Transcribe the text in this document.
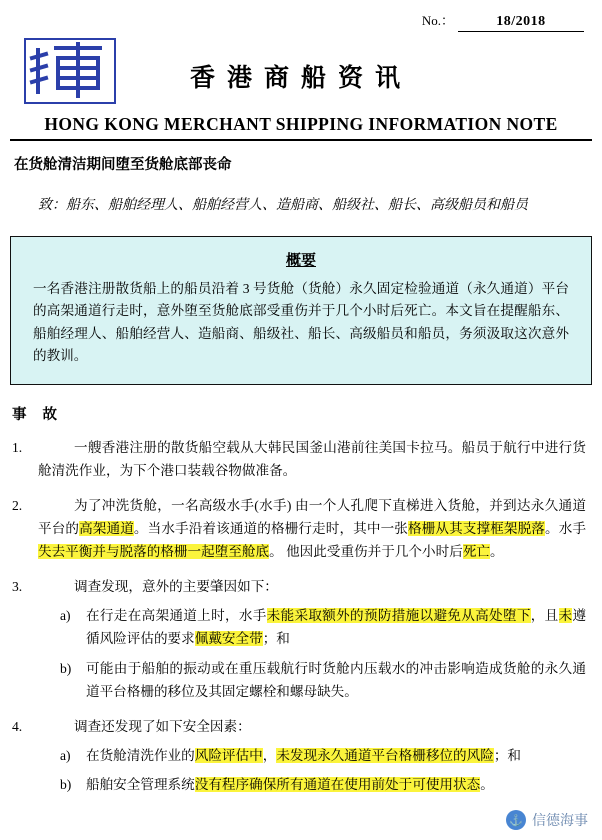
No.：	18/2018
香港商船资讯
HONG KONG MERCHANT SHIPPING INFORMATION NOTE
在货舱清洁期间堕至货舱底部丧命
致：船东、船舶经理人、船舶经营人、造船商、船级社、船长、高级船员和船员
概要
一名香港注册散货船上的船员沿着 3 号货舱（货舱）永久固定检验通道（永久通道）平台的高架通道行走时，意外堕至货舱底部受重伤并于几个小时后死亡。本文旨在提醒船东、船舶经理人、船舶经营人、造船商、船级社、船长、高级船员和船员，务须汲取这次意外的教训。
事 故
1.	一艘香港注册的散货船空载从大韩民国釜山港前往美国卡拉马。船员于航行中进行货舱清洗作业，为下个港口装载谷物做准备。
2.	为了冲洗货舱，一名高级水手(水手) 由一个人孔爬下直梯进入货舱，并到达永久通道平台的高架通道。当水手沿着该通道的格栅行走时，其中一张格栅从其支撑框架脱落。水手失去平衡并与脱落的格栅一起堕至舱底。 他因此受重伤并于几个小时后死亡。
3.	调查发现，意外的主要肇因如下：
a)	在行走在高架通道上时，水手未能采取额外的预防措施以避免从高处堕下，且未遵循风险评估的要求佩戴安全带；和
b)	可能由于船舶的振动或在重压载航行时货舱内压载水的冲击影响造成货舱的永久通道平台格栅的移位及其固定螺栓和螺母缺失。
4.	调查还发现了如下安全因素：
a)	在货舱清洗作业的风险评估中，未发现永久通道平台格栅移位的风险；和
b)	船舶安全管理系统没有程序确保所有通道在使用前处于可使用状态。
⚓ 信德海事
